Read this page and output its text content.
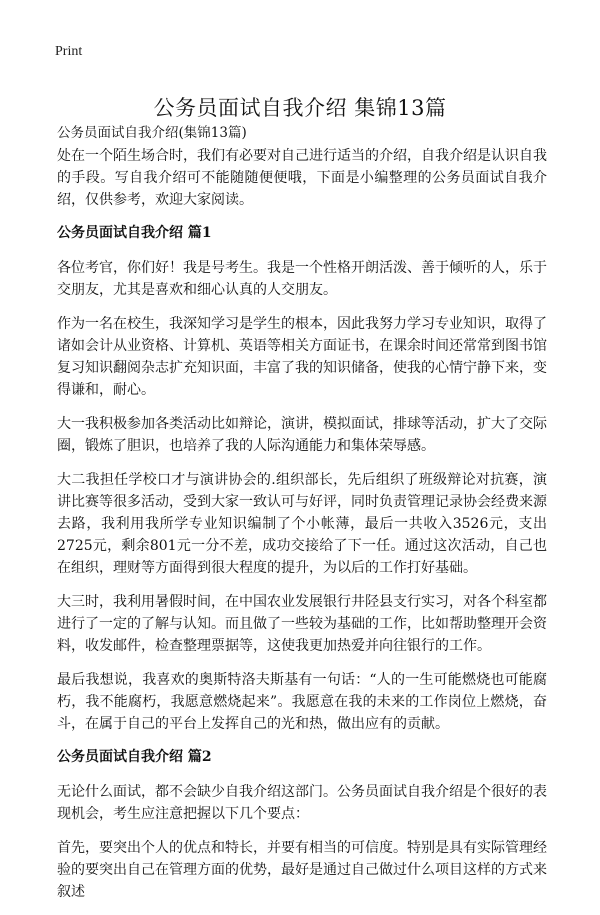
Print
公务员面试自我介绍 集锦13篇
公务员面试自我介绍(集锦13篇)

处在一个陌生场合时，我们有必要对自己进行适当的介绍，自我介绍是认识自我的手段。写自我介绍可不能随随便便哦，下面是小编整理的公务员面试自我介绍，仅供参考，欢迎大家阅读。

公务员面试自我介绍 篇1

各位考官，你们好！我是号考生。我是一个性格开朗活泼、善于倾听的人，乐于交朋友，尤其是喜欢和细心认真的人交朋友。

作为一名在校生，我深知学习是学生的根本，因此我努力学习专业知识，取得了诸如会计从业资格、计算机、英语等相关方面证书，在课余时间还常常到图书馆复习知识翻阅杂志扩充知识面，丰富了我的知识储备，使我的心情宁静下来，变得谦和，耐心。

大一我积极参加各类活动比如辩论，演讲，模拟面试，排球等活动，扩大了交际圈，锻炼了胆识，也培养了我的人际沟通能力和集体荣辱感。

大二我担任学校口才与演讲协会的.组织部长，先后组织了班级辩论对抗赛，演讲比赛等很多活动，受到大家一致认可与好评，同时负责管理记录协会经费来源去路，我利用我所学专业知识编制了个小帐薄，最后一共收入3526元，支出2725元，剩余801元一分不差，成功交接给了下一任。通过这次活动，自己也在组织，理财等方面得到很大程度的提升，为以后的工作打好基础。

大三时，我利用暑假时间，在中国农业发展银行井陉县支行实习，对各个科室都进行了一定的了解与认知。而且做了一些较为基础的工作，比如帮助整理开会资料，收发邮件，检查整理票据等，这使我更加热爱并向往银行的工作。

最后我想说，我喜欢的奥斯特洛夫斯基有一句话：“人的一生可能燃烧也可能腐朽，我不能腐朽，我愿意燃烧起来”。我愿意在我的未来的工作岗位上燃烧，奋斗，在属于自己的平台上发挥自己的光和热，做出应有的贡献。

公务员面试自我介绍 篇2

无论什么面试，都不会缺少自我介绍这部门。公务员面试自我介绍是个很好的表现机会，考生应注意把握以下几个要点：

首先，要突出个人的优点和特长，并要有相当的可信度。特别是具有实际管理经验的要突出自己在管理方面的优势，最好是通过自己做过什么项目这样的方式来叙述
